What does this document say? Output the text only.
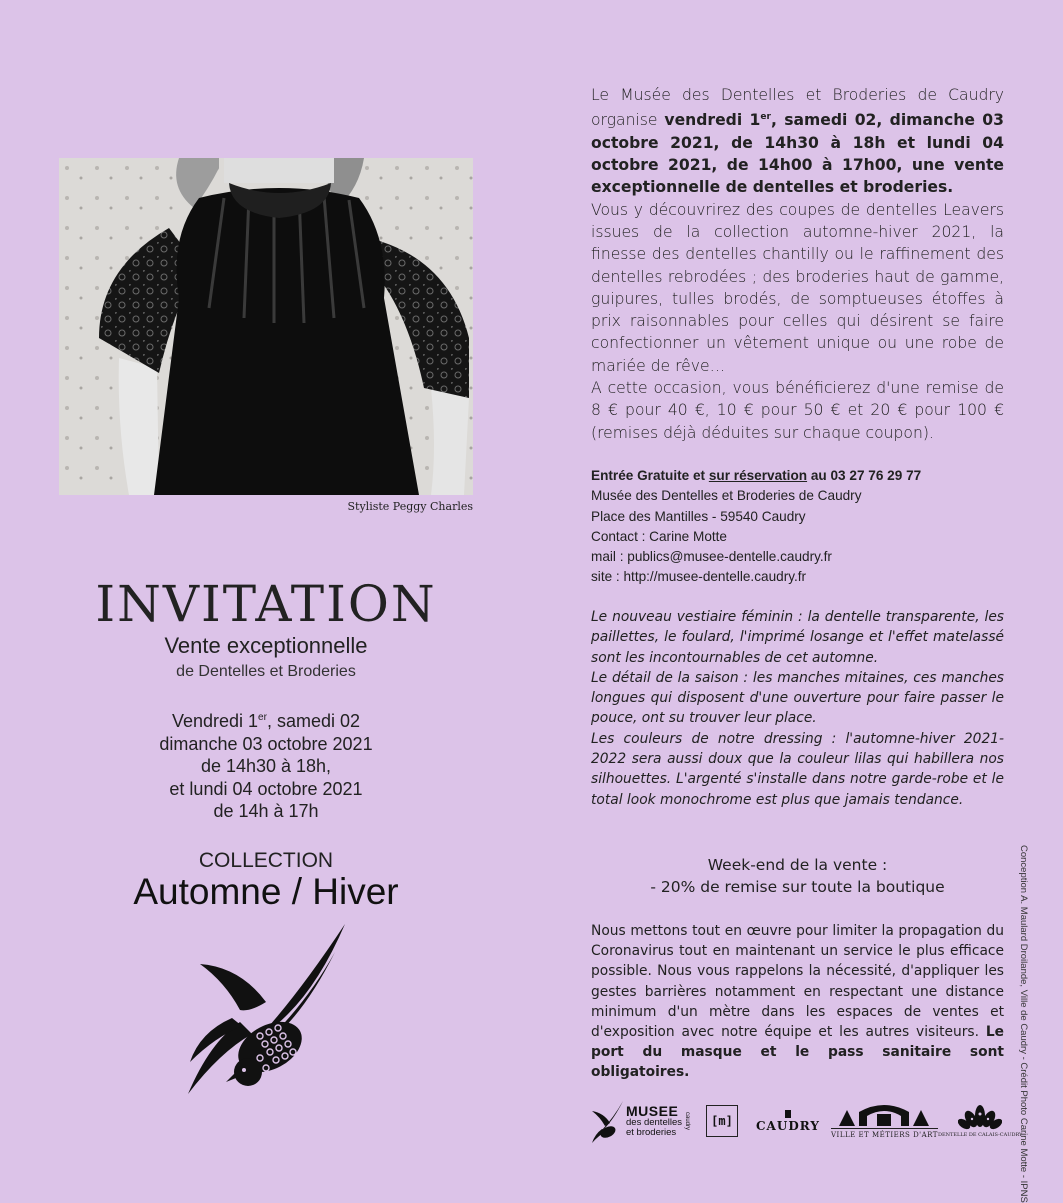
Styliste Peggy Charles
INVITATION
Vente exceptionnelle
de Dentelles et Broderies
Vendredi 1er, samedi 02
dimanche 03 octobre 2021
de 14h30 à 18h,
et lundi 04 octobre 2021
de 14h à 17h
COLLECTION
Automne / Hiver

Le Musée des Dentelles et Broderies de Caudry organise vendredi 1er, samedi 02, dimanche 03 octobre 2021, de 14h30 à 18h et lundi 04 octobre 2021, de 14h00 à 17h00, une vente exceptionnelle de dentelles et broderies.

Vous y découvrirez des coupes de dentelles Leavers issues de la collection automne-hiver 2021, la finesse des dentelles chantilly ou le raffinement des dentelles rebrodées ; des broderies haut de gamme, guipures, tulles brodés, de somptueuses étoffes à prix raisonnables pour celles qui désirent se faire confectionner un vêtement unique ou une robe de mariée de rêve…

A cette occasion, vous bénéficierez d'une remise de 8 € pour 40 €, 10 € pour 50 € et 20 € pour 100 € (remises déjà déduites sur chaque coupon).

Entrée Gratuite et sur réservation au 03 27 76 29 77
Musée des Dentelles et Broderies de Caudry
Place des Mantilles - 59540 Caudry
Contact : Carine Motte
mail : publics@musee-dentelle.caudry.fr
site : http://musee-dentelle.caudry.fr

Le nouveau vestiaire féminin : la dentelle transparente, les paillettes, le foulard, l'imprimé losange et l'effet matelassé sont les incontournables de cet automne.

Le détail de la saison : les manches mitaines, ces manches longues qui disposent d'une ouverture pour faire passer le pouce, ont su trouver leur place.

Les couleurs de notre dressing : l'automne-hiver 2021-2022 sera aussi doux que la couleur lilas qui habillera nos silhouettes. L'argenté s'installe dans notre garde-robe et le total look monochrome est plus que jamais tendance.

Week-end de la vente :
- 20% de remise sur toute la boutique
Nous mettons tout en œuvre pour limiter la propagation du Coronavirus tout en maintenant un service le plus efficace possible. Nous vous rappelons la nécessité, d'appliquer les gestes barrières notamment en respectant une distance minimum d'un mètre dans les espaces de ventes et d'exposition avec notre équipe et les autres visiteurs. Le port du masque et le pass sanitaire sont obligatoires.	Conception A. Maulard Droilande, Ville de Caudry - Crédit Photo Carine Motte - IPNS
MUSEE
des dentelles
et broderies
caudry	[m]	CAUDRY
VILLE ET MÉTIERS D'ART DENTELLE DE CALAIS-CAUDRY
